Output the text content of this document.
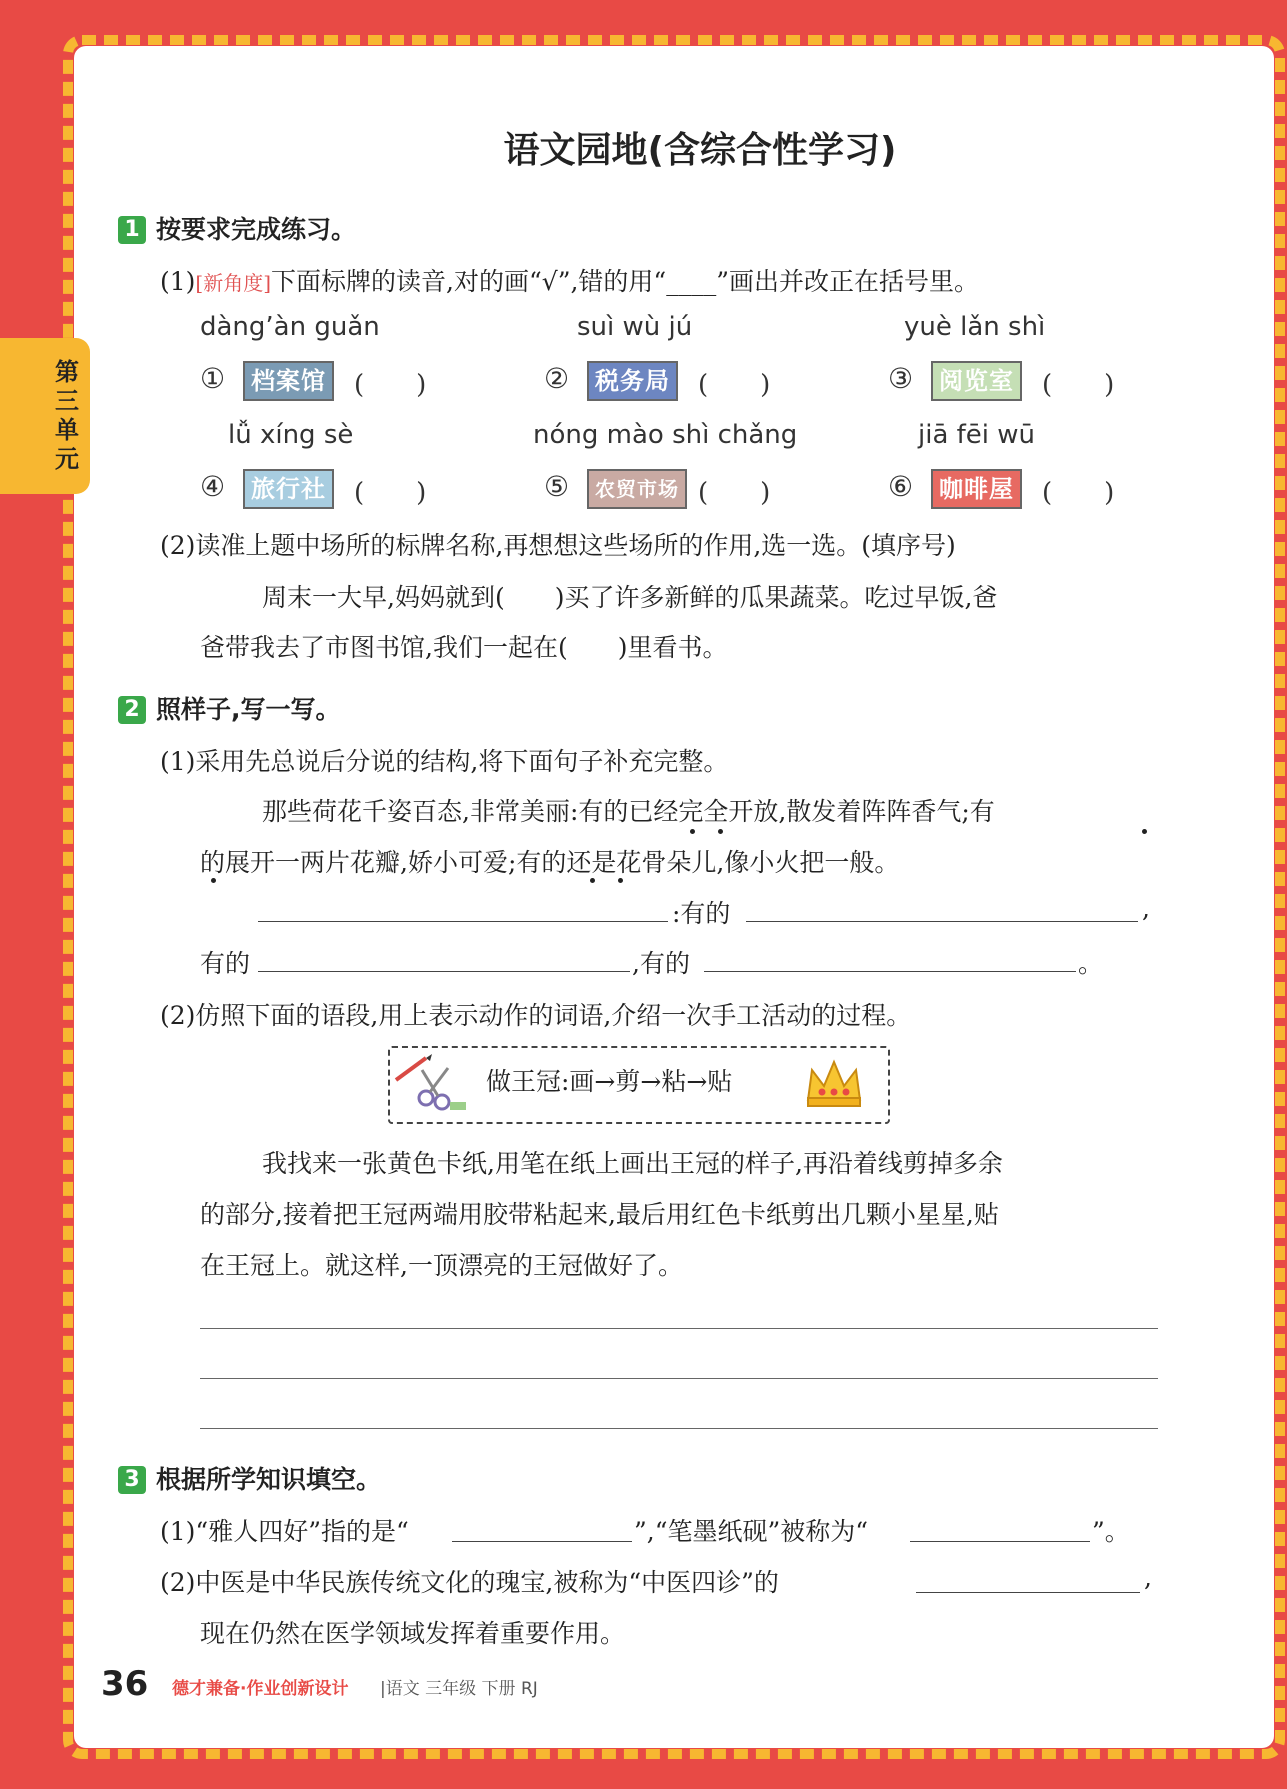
第三单元
语文园地(含综合性学习)
1 按要求完成练习。
(1)[新角度]下面标牌的读音,对的画“√”,错的用“____”画出并改正在括号里。
dàng’àn guǎn	suì wù jú	yuè lǎn shì
①	档案馆	(　　)	②	税务局	(　　)	③	阅览室	(　　)
lǚ xíng sè	nóng mào shì chǎng	jiā fēi wū
④	旅行社	(　　)	⑤	农贸市场 (　　)	⑥	咖啡屋	(　　)
(2)读准上题中场所的标牌名称,再想想这些场所的作用,选一选。(填序号)
周末一大早,妈妈就到(　　)买了许多新鲜的瓜果蔬菜。吃过早饭,爸
爸带我去了市图书馆,我们一起在(　　)里看书。
2 照样子,写一写。
(1)采用先总说后分说的结构,将下面句子补充完整。
那些荷花千姿百态,非常美丽:有的已经完全开放,散发着阵阵香气;有
的展开一两片花瓣,娇小可爱;有的还是花骨朵儿,像小火把一般。
:有的	,
有的	,有的	。
(2)仿照下面的语段,用上表示动作的词语,介绍一次手工活动的过程。
做王冠:画→剪→粘→贴
我找来一张黄色卡纸,用笔在纸上画出王冠的样子,再沿着线剪掉多余
的部分,接着把王冠两端用胶带粘起来,最后用红色卡纸剪出几颗小星星,贴
在王冠上。就这样,一顶漂亮的王冠做好了。
3 根据所学知识填空。
(1)“雅人四好”指的是“	”,“笔墨纸砚”被称为“	”。
(2)中医是中华民族传统文化的瑰宝,被称为“中医四诊”的	,
现在仍然在医学领域发挥着重要作用。
36 德才兼备·作业创新设计 |语文 三年级 下册 RJ
